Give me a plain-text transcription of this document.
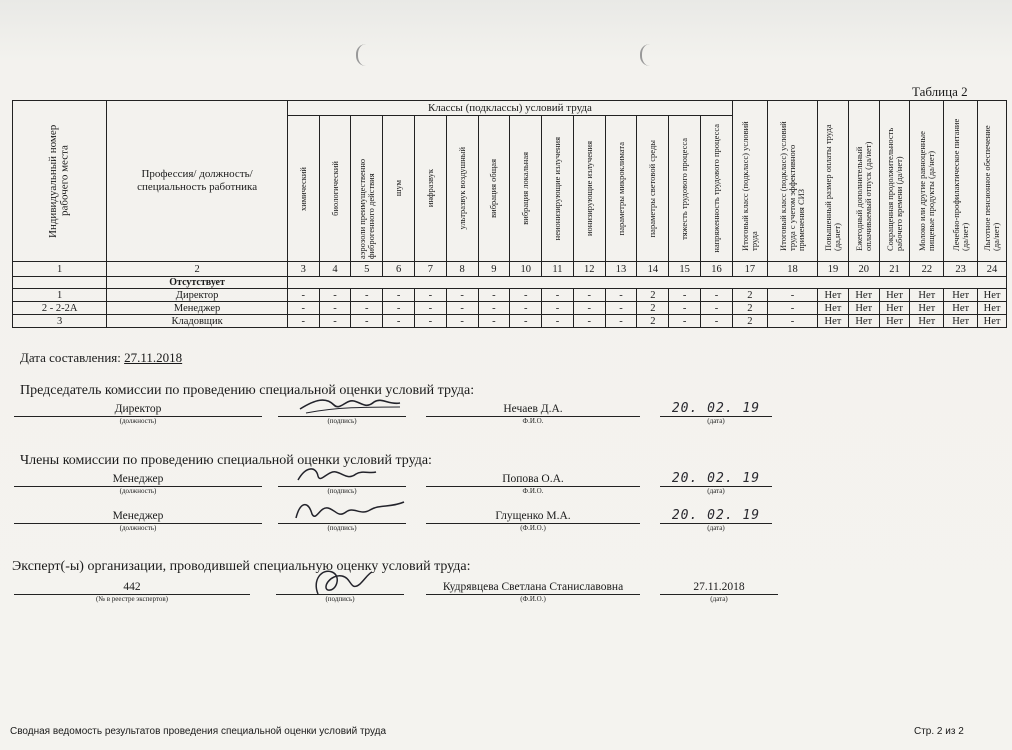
Таблица 2
Индивидуальный номер рабочего места	Профессия/ должность/ специальность работника	Классы (подклассы) условий труда														Итоговый класс (подкласс) условий труда	Итоговый класс (подкласс) условий труда с учетом эффективного применения СИЗ	Повышенный размер оплаты труда (да,нет)	Ежегодный дополнительный оплачиваемый отпуск (да/нет)	Сокращенная продолжительность рабочего времени (да/нет)	Молоко или другие равноценные пищевые продукты (да/нет)	Лечебно-профилактическое питание (да/нет)	Льготное пенсионное обеспечение (да/нет)

		химический	биологический	аэрозоли преимущественно фиброгенного действия	шум	инфразвук	ультразвук воздушный	вибрация общая	вибрация локальная	неионизирующие излучения	ионизирующие излучения	параметры микроклимата	параметры световой среды	тяжесть трудового процесса	напряженность трудового процесса								

1	2	3	4	5	6	7	8	9	10	11	12	13	14	15	16	17	18	19	20	21	22	23	24
	Отсутствует																						
1	Директор	-	-	-	-	-	-	-	-	-	-	-	2	-	-	2	-	Нет	Нет	Нет	Нет	Нет	Нет
2 - 2-2А	Менеджер	-	-	-	-	-	-	-	-	-	-	-	2	-	-	2	-	Нет	Нет	Нет	Нет	Нет	Нет
3	Кладовщик	-	-	-	-	-	-	-	-	-	-	-	2	-	-	2	-	Нет	Нет	Нет	Нет	Нет	Нет
Дата составления: 27.11.2018
Председатель комиссии по проведению специальной оценки условий труда:
Директор
(должность)	(подпись)
Нечаев Д.А.
Ф.И.О.
20. 02. 19
(дата)
Члены комиссии по проведению специальной оценки условий труда:
Менеджер
(должность)	(подпись)
Попова О.А.
Ф.И.О.
20. 02. 19
(дата)
Менеджер
(должность)	(подпись)
Глущенко М.А.
(Ф.И.О.)
20. 02. 19
(дата)
Эксперт(-ы) организации, проводившей специальную оценку условий труда:
442
(№ в реестре экспертов)	(подпись)
Кудрявцева Светлана Станиславовна
(Ф.И.О.)
27.11.2018
(дата)
Сводная ведомость результатов проведения специальной оценки условий труда	Стр. 2 из 2
